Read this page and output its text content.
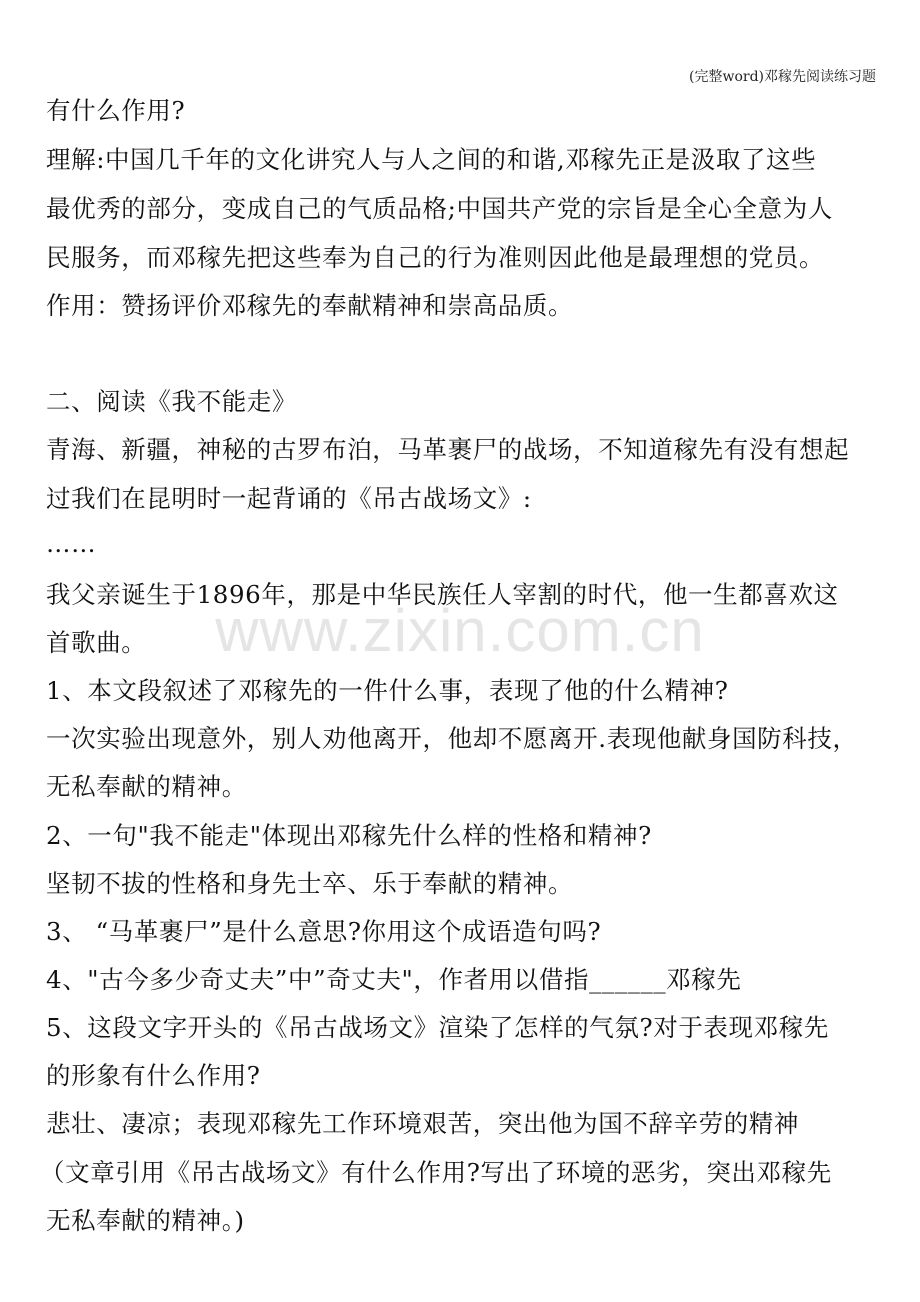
(完整word)邓稼先阅读练习题
www.zixin.com.cn
有什么作用?
理解:中国几千年的文化讲究人与人之间的和谐,邓稼先正是汲取了这些
最优秀的部分，变成自己的气质品格;中国共产党的宗旨是全心全意为人
民服务，而邓稼先把这些奉为自己的行为准则因此他是最理想的党员。
作用：赞扬评价邓稼先的奉献精神和崇高品质。
二、阅读《我不能走》
青海、新疆，神秘的古罗布泊，马革裹尸的战场，不知道稼先有没有想起
过我们在昆明时一起背诵的《吊古战场文》:
……
我父亲诞生于1896年，那是中华民族任人宰割的时代，他一生都喜欢这
首歌曲。
1、本文段叙述了邓稼先的一件什么事，表现了他的什么精神?
一次实验出现意外，别人劝他离开，他却不愿离开.表现他献身国防科技，
无私奉献的精神。
2、一句"我不能走"体现出邓稼先什么样的性格和精神?
坚韧不拔的性格和身先士卒、乐于奉献的精神。
3、 “马革裹尸”是什么意思?你用这个成语造句吗?
4、"古今多少奇丈夫”中”奇丈夫"，作者用以借指______邓稼先
5、这段文字开头的《吊古战场文》渲染了怎样的气氛?对于表现邓稼先
的形象有什么作用?
悲壮、凄凉；表现邓稼先工作环境艰苦，突出他为国不辞辛劳的精神
（文章引用《吊古战场文》有什么作用?写出了环境的恶劣，突出邓稼先
无私奉献的精神。)
